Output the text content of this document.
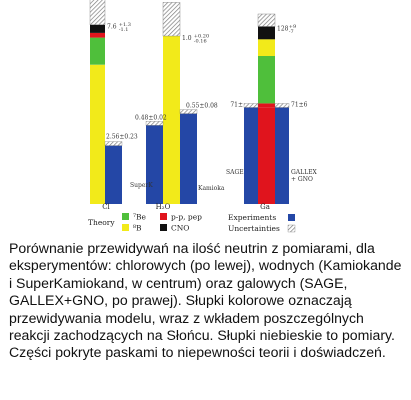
7.6 +1.3
-1.1
2.56±0.23
Cl
1.0 +0.20
-0.16
0.48±0.02
SuperK
0.55±0.08
Kamioka
H₂O
128 +9
-7
71±
SAGE
71±6
GALLEX
+ GNO
Ga
Theory
⁷Be	p-p, pep
⁸B	CNO
Experiments
Uncertainties

Porównanie przewidywań na ilość neutrin z pomiarami, dla eksperymentów: chlorowych (po lewej), wodnych (Kamiokande i SuperKamiokand, w centrum) oraz galowych (SAGE, GALLEX+GNO, po prawej). Słupki kolorowe oznaczają przewidywania modelu, wraz z wkładem poszczególnych reakcji zachodzących na Słońcu. Słupki niebieskie to pomiary. Części pokryte paskami to niepewności teorii i doświadczeń.
